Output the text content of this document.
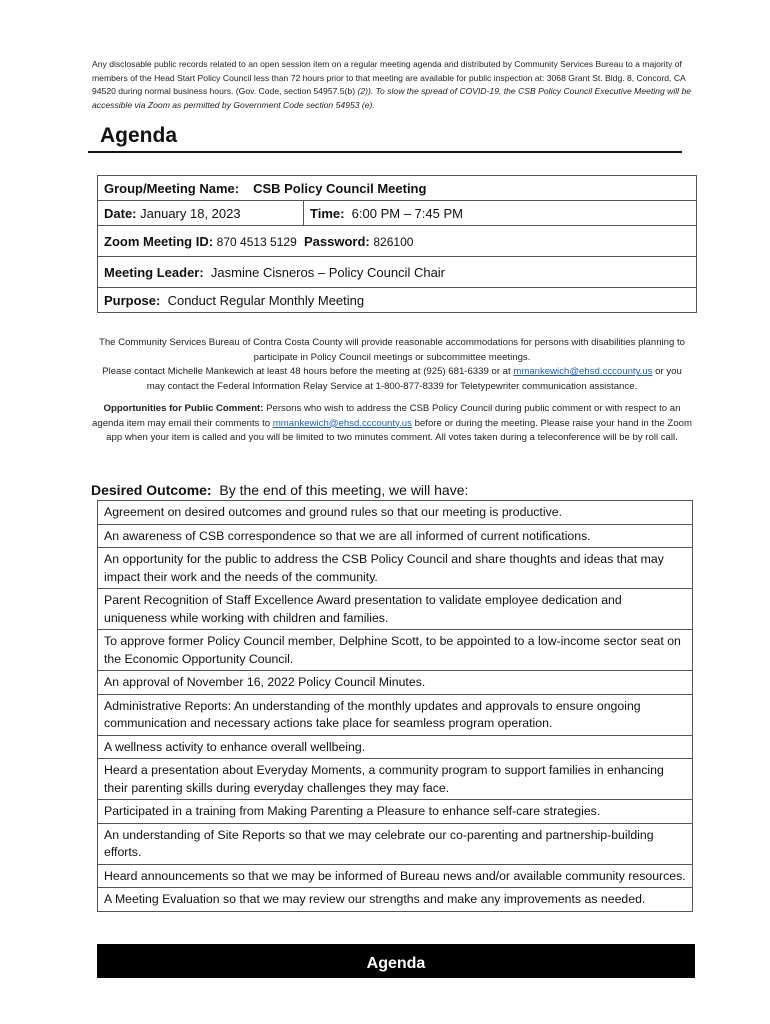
Any disclosable public records related to an open session item on a regular meeting agenda and distributed by Community Services Bureau to a majority of members of the Head Start Policy Council less than 72 hours prior to that meeting are available for public inspection at: 3068 Grant St. Bldg. 8, Concord, CA 94520 during normal business hours. (Gov. Code, section 54957.5(b) (2)). To slow the spread of COVID-19, the CSB Policy Council Executive Meeting will be accessible via Zoom as permitted by Government Code section 54953 (e).
Agenda
Group/Meeting Name: CSB Policy Council Meeting
Date: January 18, 2023	Time: 6:00 PM – 7:45 PM
Zoom Meeting ID: 870 4513 5129 Password: 826100
Meeting Leader: Jasmine Cisneros – Policy Council Chair
Purpose: Conduct Regular Monthly Meeting
The Community Services Bureau of Contra Costa County will provide reasonable accommodations for persons with disabilities planning to participate in Policy Council meetings or subcommittee meetings.
Please contact Michelle Mankewich at least 48 hours before the meeting at (925) 681-6339 or at mmankewich@ehsd.cccounty.us or you may contact the Federal Information Relay Service at 1-800-877-8339 for Teletypewriter communication assistance.
Opportunities for Public Comment: Persons who wish to address the CSB Policy Council during public comment or with respect to an agenda item may email their comments to mmankewich@ehsd.cccounty.us before or during the meeting. Please raise your hand in the Zoom app when your item is called and you will be limited to two minutes comment. All votes taken during a teleconference will be by roll call.
Desired Outcome: By the end of this meeting, we will have:
Agreement on desired outcomes and ground rules so that our meeting is productive.
An awareness of CSB correspondence so that we are all informed of current notifications.
An opportunity for the public to address the CSB Policy Council and share thoughts and ideas that may impact their work and the needs of the community.
Parent Recognition of Staff Excellence Award presentation to validate employee dedication and uniqueness while working with children and families.
To approve former Policy Council member, Delphine Scott, to be appointed to a low-income sector seat on the Economic Opportunity Council.
An approval of November 16, 2022 Policy Council Minutes.
Administrative Reports: An understanding of the monthly updates and approvals to ensure ongoing communication and necessary actions take place for seamless program operation.
A wellness activity to enhance overall wellbeing.
Heard a presentation about Everyday Moments, a community program to support families in enhancing their parenting skills during everyday challenges they may face.
Participated in a training from Making Parenting a Pleasure to enhance self-care strategies.
An understanding of Site Reports so that we may celebrate our co-parenting and partnership-building efforts.
Heard announcements so that we may be informed of Bureau news and/or available community resources.
A Meeting Evaluation so that we may review our strengths and make any improvements as needed.
Agenda
